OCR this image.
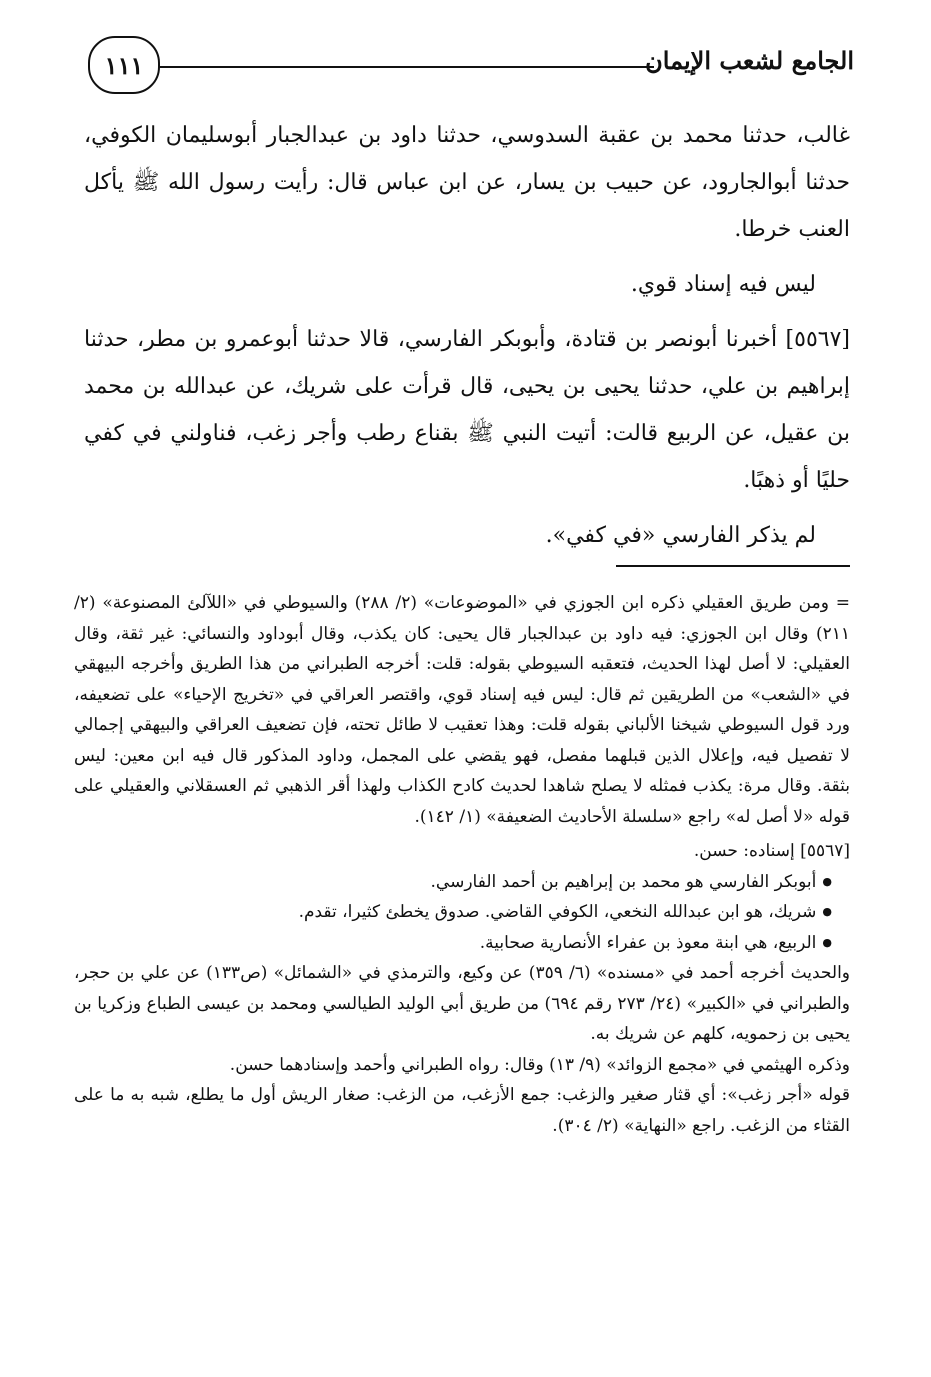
١١١	الجامع لشعب الإيمان

غالب، حدثنا محمد بن عقبة السدوسي، حدثنا داود بن عبدالجبار أبوسليمان الكوفي، حدثنا أبوالجارود، عن حبيب بن يسار، عن ابن عباس قال: رأيت رسول الله ﷺ يأكل العنب خرطا.

ليس فيه إسناد قوي.

[٥٥٦٧] أخبرنا أبونصر بن قتادة، وأبوبكر الفارسي، قالا حدثنا أبوعمرو بن مطر، حدثنا إبراهيم بن علي، حدثنا يحيى بن يحيى، قال قرأت على شريك، عن عبدالله بن محمد بن عقيل، عن الربيع قالت: أتيت النبي ﷺ بقناع رطب وأجر زغب، فناولني في كفي حليًا أو ذهبًا.

لم يذكر الفارسي «في كفي».

= ومن طريق العقيلي ذكره ابن الجوزي في «الموضوعات» (٢/ ٢٨٨) والسيوطي في «اللآلئ المصنوعة» (٢/ ٢١١) وقال ابن الجوزي: فيه داود بن عبدالجبار قال يحيى: كان يكذب، وقال أبوداود والنسائي: غير ثقة، وقال العقيلي: لا أصل لهذا الحديث، فتعقبه السيوطي بقوله: قلت: أخرجه الطبراني من هذا الطريق وأخرجه البيهقي في «الشعب» من الطريقين ثم قال: ليس فيه إسناد قوي، واقتصر العراقي في «تخريج الإحياء» على تضعيفه، ورد قول السيوطي شيخنا الألباني بقوله قلت: وهذا تعقيب لا طائل تحته، فإن تضعيف العراقي والبيهقي إجمالي لا تفصيل فيه، وإعلال الذين قبلهما مفصل، فهو يقضي على المجمل، وداود المذكور قال فيه ابن معين: ليس بثقة. وقال مرة: يكذب فمثله لا يصلح شاهدا لحديث كادح الكذاب ولهذا أقر الذهبي ثم العسقلاني والعقيلي على قوله «لا أصل له» راجع «سلسلة الأحاديث الضعيفة» (١/ ١٤٢).

[٥٥٦٧] إسناده: حسن.

● أبوبكر الفارسي هو محمد بن إبراهيم بن أحمد الفارسي.

● شريك، هو ابن عبدالله النخعي، الكوفي القاضي. صدوق يخطئ كثيرا، تقدم.

● الربيع، هي ابنة معوذ بن عفراء الأنصارية صحابية.

والحديث أخرجه أحمد في «مسنده» (٦/ ٣٥٩) عن وكيع، والترمذي في «الشمائل» (ص١٣٣) عن علي بن حجر، والطبراني في «الكبير» (٢٤/ ٢٧٣ رقم ٦٩٤) من طريق أبي الوليد الطيالسي ومحمد بن عيسى الطباع وزكريا بن يحيى بن زحمويه، كلهم عن شريك به.

وذكره الهيثمي في «مجمع الزوائد» (٩/ ١٣) وقال: رواه الطبراني وأحمد وإسنادهما حسن.

قوله «أجر زغب»: أي قثار صغير والزغب: جمع الأزغب، من الزغب: صغار الريش أول ما يطلع، شبه به ما على القثاء من الزغب. راجع «النهاية» (٢/ ٣٠٤).
